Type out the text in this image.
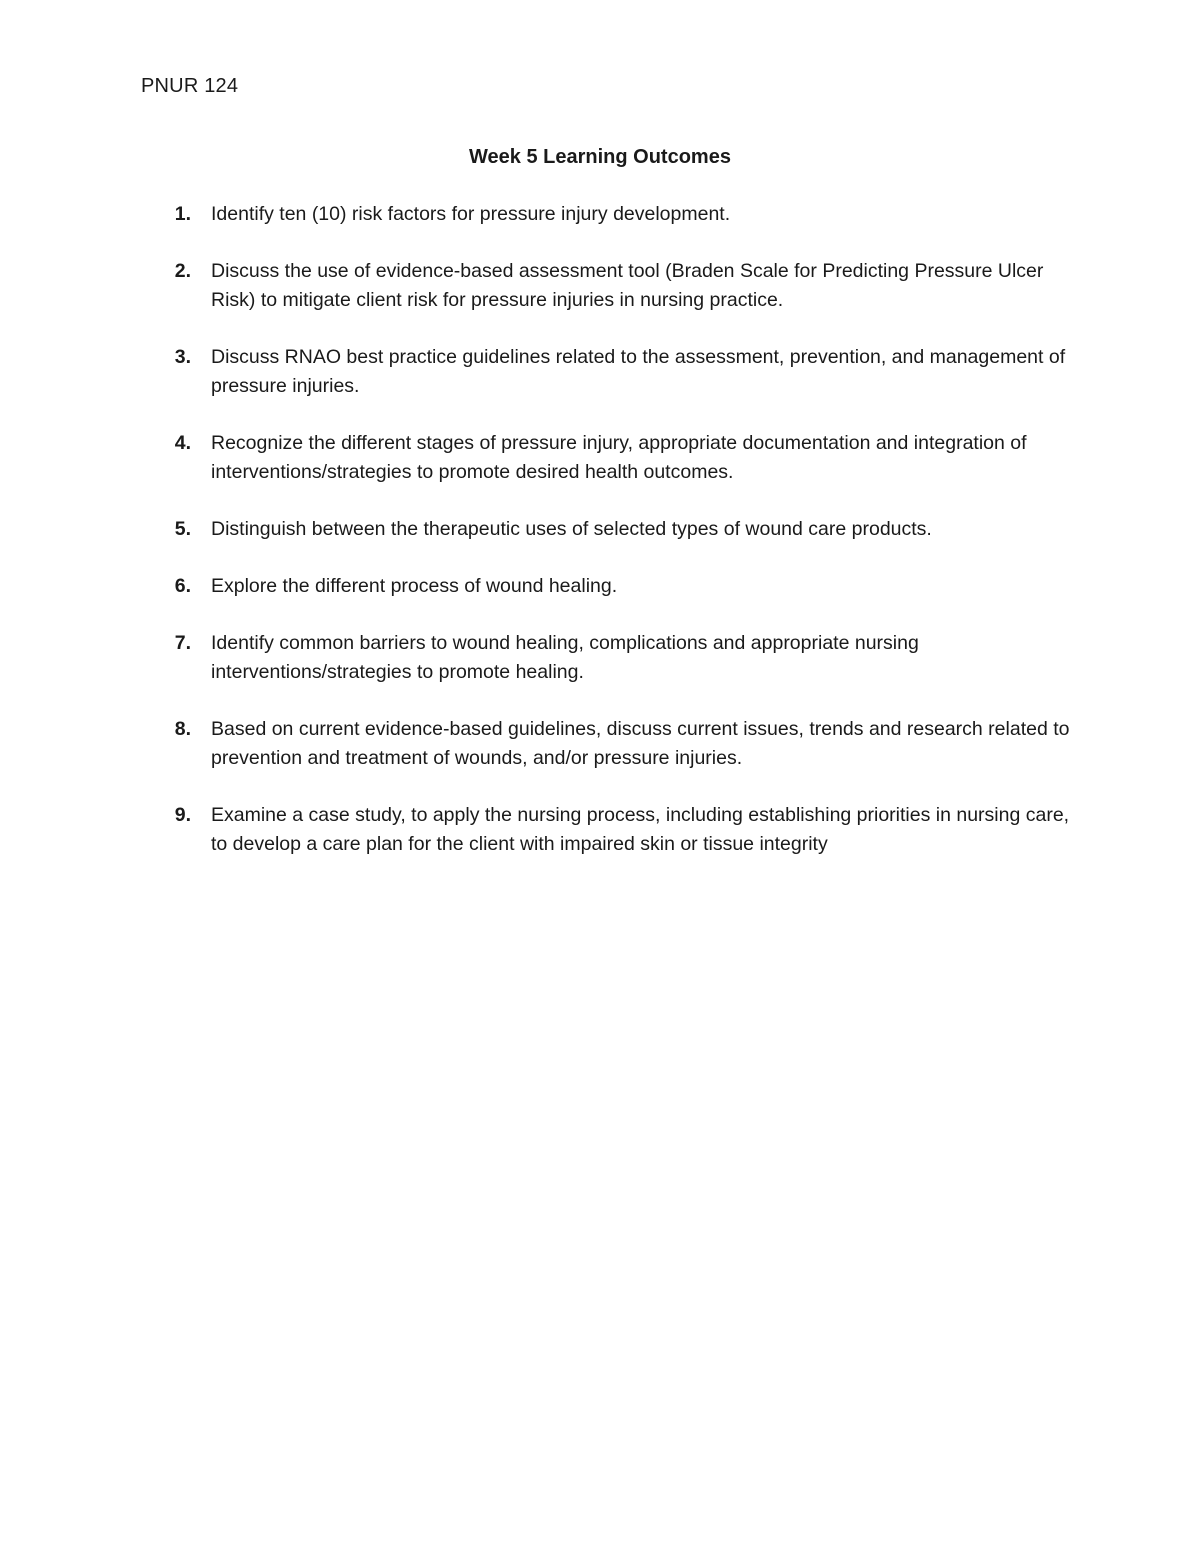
PNUR 124
Week 5 Learning Outcomes
1.	Identify ten (10) risk factors for pressure injury development.
2.	Discuss the use of evidence-based assessment tool (Braden Scale for Predicting Pressure Ulcer Risk) to mitigate client risk for pressure injuries in nursing practice.
3.	Discuss RNAO best practice guidelines related to the assessment, prevention, and management of pressure injuries.
4.	Recognize the different stages of pressure injury, appropriate documentation and integration of interventions/strategies to promote desired health outcomes.
5.	Distinguish between the therapeutic uses of selected types of wound care products.
6.	Explore the different process of wound healing.
7.	Identify common barriers to wound healing, complications and appropriate nursing interventions/strategies to promote healing.
8.	Based on current evidence-based guidelines, discuss current issues, trends and research related to prevention and treatment of wounds, and/or pressure injuries.
9.	Examine a case study, to apply the nursing process, including establishing priorities in nursing care, to develop a care plan for the client with impaired skin or tissue integrity
